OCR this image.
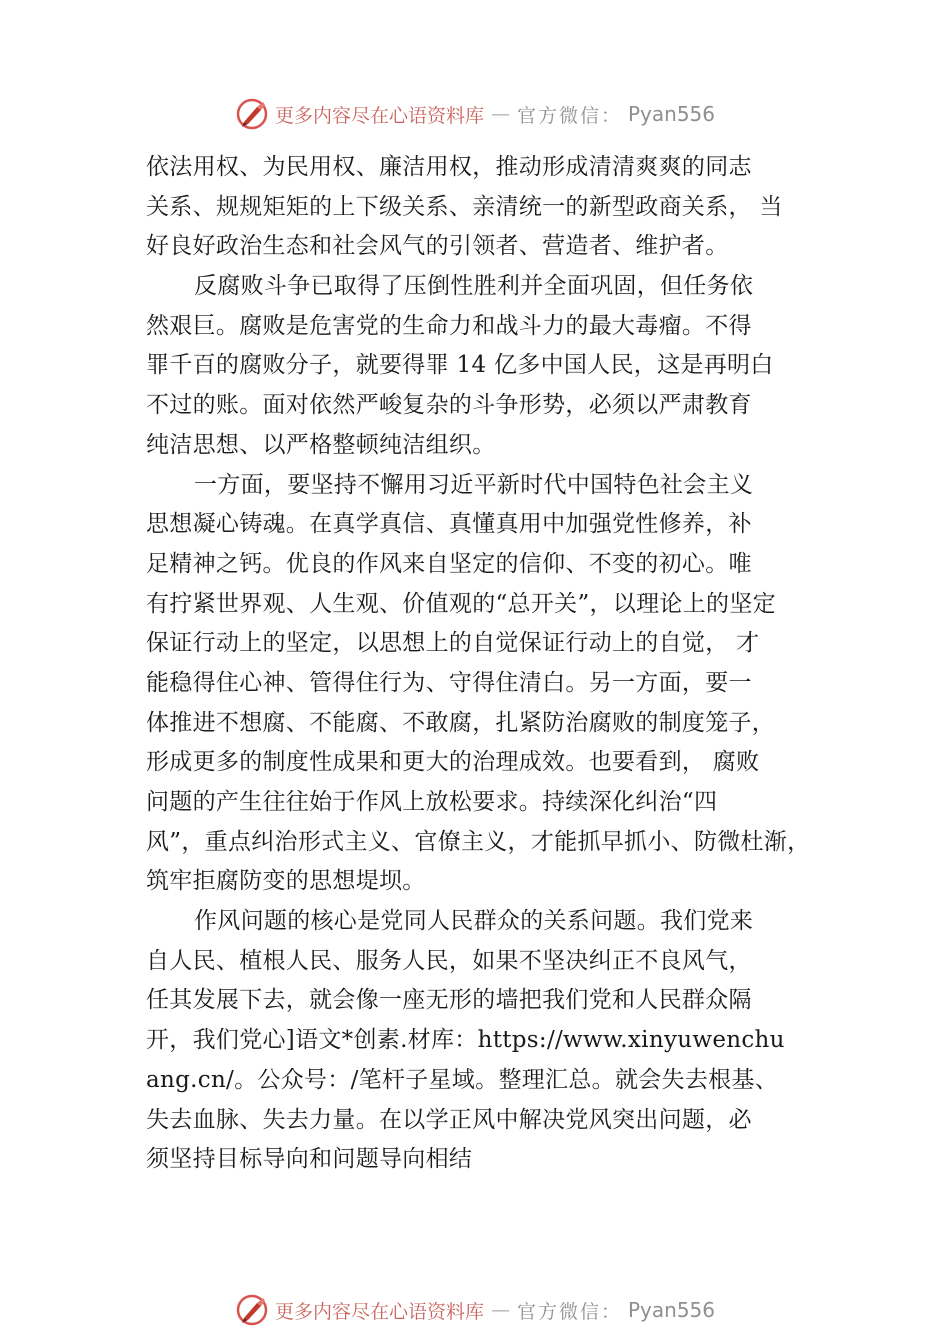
更多内容尽在心语资料库 — 官方微信： Pyan556
依法用权、为民用权、廉洁用权，推动形成清清爽爽的同志
关系、规规矩矩的上下级关系、亲清统一的新型政商关系， 当
好良好政治生态和社会风气的引领者、营造者、维护者。
反腐败斗争已取得了压倒性胜利并全面巩固，但任务依
然艰巨。腐败是危害党的生命力和战斗力的最大毒瘤。不得
罪千百的腐败分子，就要得罪 14 亿多中国人民，这是再明白
不过的账。面对依然严峻复杂的斗争形势，必须以严肃教育
纯洁思想、以严格整顿纯洁组织。
一方面，要坚持不懈用习近平新时代中国特色社会主义
思想凝心铸魂。在真学真信、真懂真用中加强党性修养，补
足精神之钙。优良的作风来自坚定的信仰、不变的初心。唯
有拧紧世界观、人生观、价值观的“总开关”，以理论上的坚定
保证行动上的坚定，以思想上的自觉保证行动上的自觉， 才
能稳得住心神、管得住行为、守得住清白。另一方面，要一
体推进不想腐、不能腐、不敢腐，扎紧防治腐败的制度笼子，
形成更多的制度性成果和更大的治理成效。也要看到， 腐败
问题的产生往往始于作风上放松要求。持续深化纠治“四
风”，重点纠治形式主义、官僚主义，才能抓早抓小、防微杜渐，
筑牢拒腐防变的思想堤坝。
作风问题的核心是党同人民群众的关系问题。我们党来
自人民、植根人民、服务人民，如果不坚决纠正不良风气，
任其发展下去，就会像一座无形的墙把我们党和人民群众隔
开，我们党心]语文*创素.材库：https://www.xinyuwenchu
ang.cn/。公众号：/笔杆子星域。整理汇总。就会失去根基、
失去血脉、失去力量。在以学正风中解决党风突出问题，必
须坚持目标导向和问题导向相结
更多内容尽在心语资料库 — 官方微信： Pyan556
